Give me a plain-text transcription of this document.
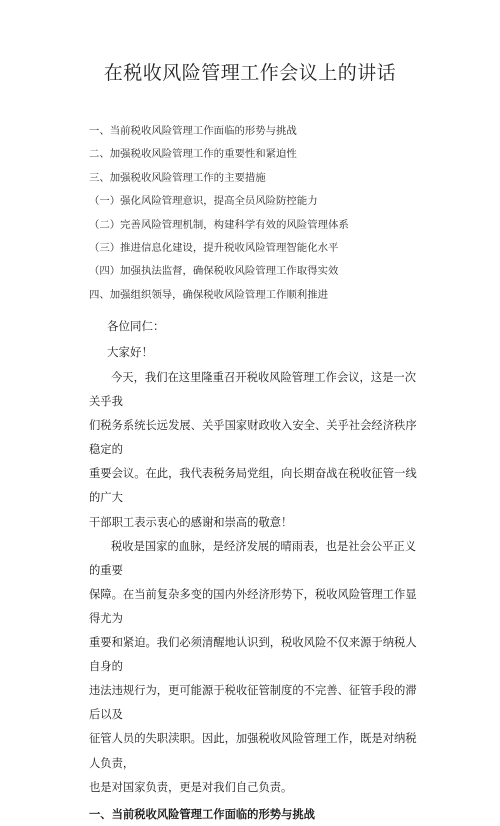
在税收风险管理工作会议上的讲话
一、当前税收风险管理工作面临的形势与挑战
二、加强税收风险管理工作的重要性和紧迫性
三、加强税收风险管理工作的主要措施
（一）强化风险管理意识，提高全员风险防控能力
（二）完善风险管理机制，构建科学有效的风险管理体系
（三）推进信息化建设，提升税收风险管理智能化水平
（四）加强执法监督，确保税收风险管理工作取得实效
四、加强组织领导，确保税收风险管理工作顺利推进
各位同仁：
大家好！

今天，我们在这里隆重召开税收风险管理工作会议，这是一次关乎我

们税务系统长远发展、关乎国家财政收入安全、关乎社会经济秩序稳定的

重要会议。在此，我代表税务局党组，向长期奋战在税收征管一线的广大

干部职工表示衷心的感谢和崇高的敬意！

税收是国家的血脉，是经济发展的晴雨表，也是社会公平正义的重要

保障。在当前复杂多变的国内外经济形势下，税收风险管理工作显得尤为

重要和紧迫。我们必须清醒地认识到，税收风险不仅来源于纳税人自身的

违法违规行为，更可能源于税收征管制度的不完善、征管手段的滞后以及

征管人员的失职渎职。因此，加强税收风险管理工作，既是对纳税人负责，

也是对国家负责，更是对我们自己负责。

一、当前税收风险管理工作面临的形势与挑战
